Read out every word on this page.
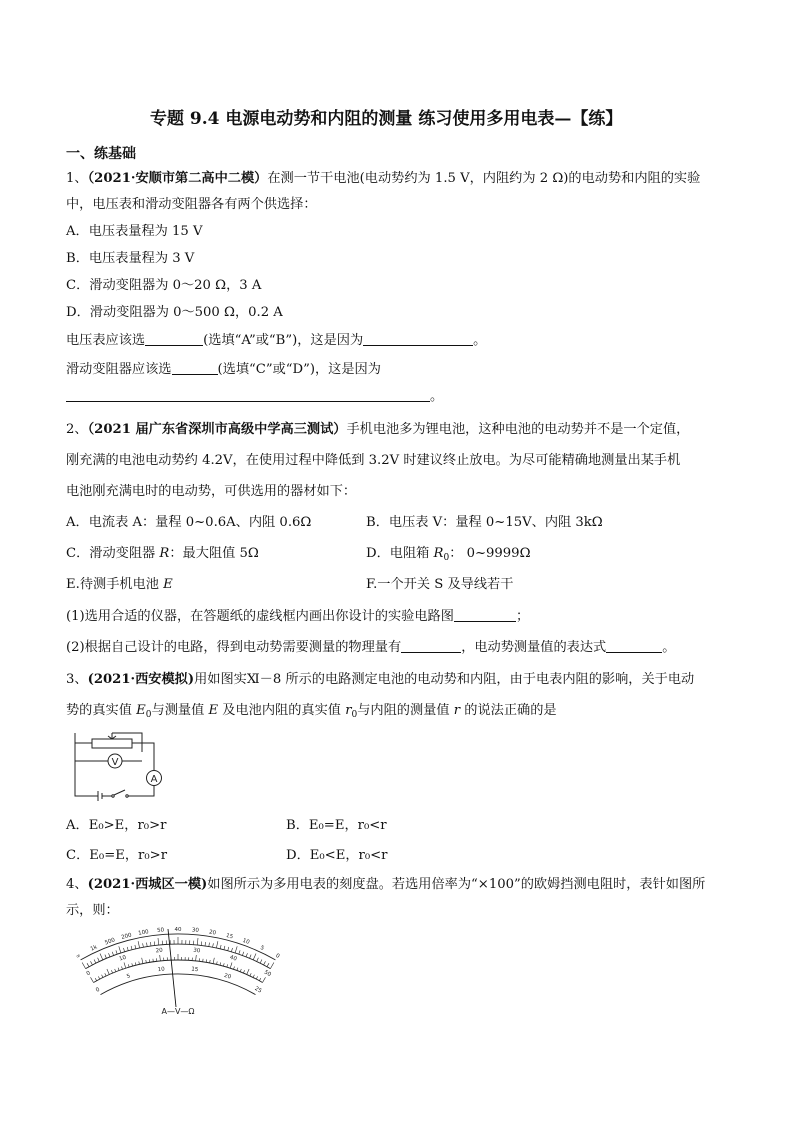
专题 9.4 电源电动势和内阻的测量 练习使用多用电表—【练】
一、练基础
1、（2021·安顺市第二高中二模）在测一节干电池(电动势约为 1.5 V，内阻约为 2 Ω)的电动势和内阻的实验
中，电压表和滑动变阻器各有两个供选择：
A．电压表量程为 15 V
B．电压表量程为 3 V
C．滑动变阻器为 0～20 Ω，3 A
D．滑动变阻器为 0～500 Ω，0.2 A
电压表应该选	(选填“A”或“B”)，这是因为	。
滑动变阻器应该选	(选填“C”或“D”)，这是因为
。
2、（2021 届广东省深圳市高级中学高三测试）手机电池多为锂电池，这种电池的电动势并不是一个定值，
刚充满的电池电动势约 4.2V，在使用过程中降低到 3.2V 时建议终止放电。为尽可能精确地测量出某手机
电池刚充满电时的电动势，可供选用的器材如下：
A．电流表 A：量程 0~0.6A、内阻 0.6Ω	B．电压表 V：量程 0~15V、内阻 3kΩ
C．滑动变阻器 R：最大阻值 5Ω	D．电阻箱 $R_0$： 0~9999Ω
E.待测手机电池 E	F.一个开关 S 及导线若干
(1)选用合适的仪器，在答题纸的虚线框内画出你设计的实验电路图	；
(2)根据自己设计的电路，得到电动势需要测量的物理量有	，电动势测量值的表达式	。
3、(2021·西安模拟)用如图实Ⅺ－8 所示的电路测定电池的电动势和内阻，由于电表内阻的影响，关于电动
势的真实值 $E_0$与测量值 E 及电池内阻的真实值 $r_0$与内阻的测量值 r 的说法正确的是
V
A
A．E₀>E，r₀>r	B．E₀=E，r₀<r
C．E₀=E，r₀>r	D．E₀<E，r₀<r
4、(2021·西城区一模)如图所示为多用电表的刻度盘。若选用倍率为“×100”的欧姆挡测电阻时，表针如图所
示，则：
∞
1k
500
200 100 50 40 30 20 15
10
5
0
0
10
20	30
40
50
0
5
10	15
20
25
A—V—Ω
